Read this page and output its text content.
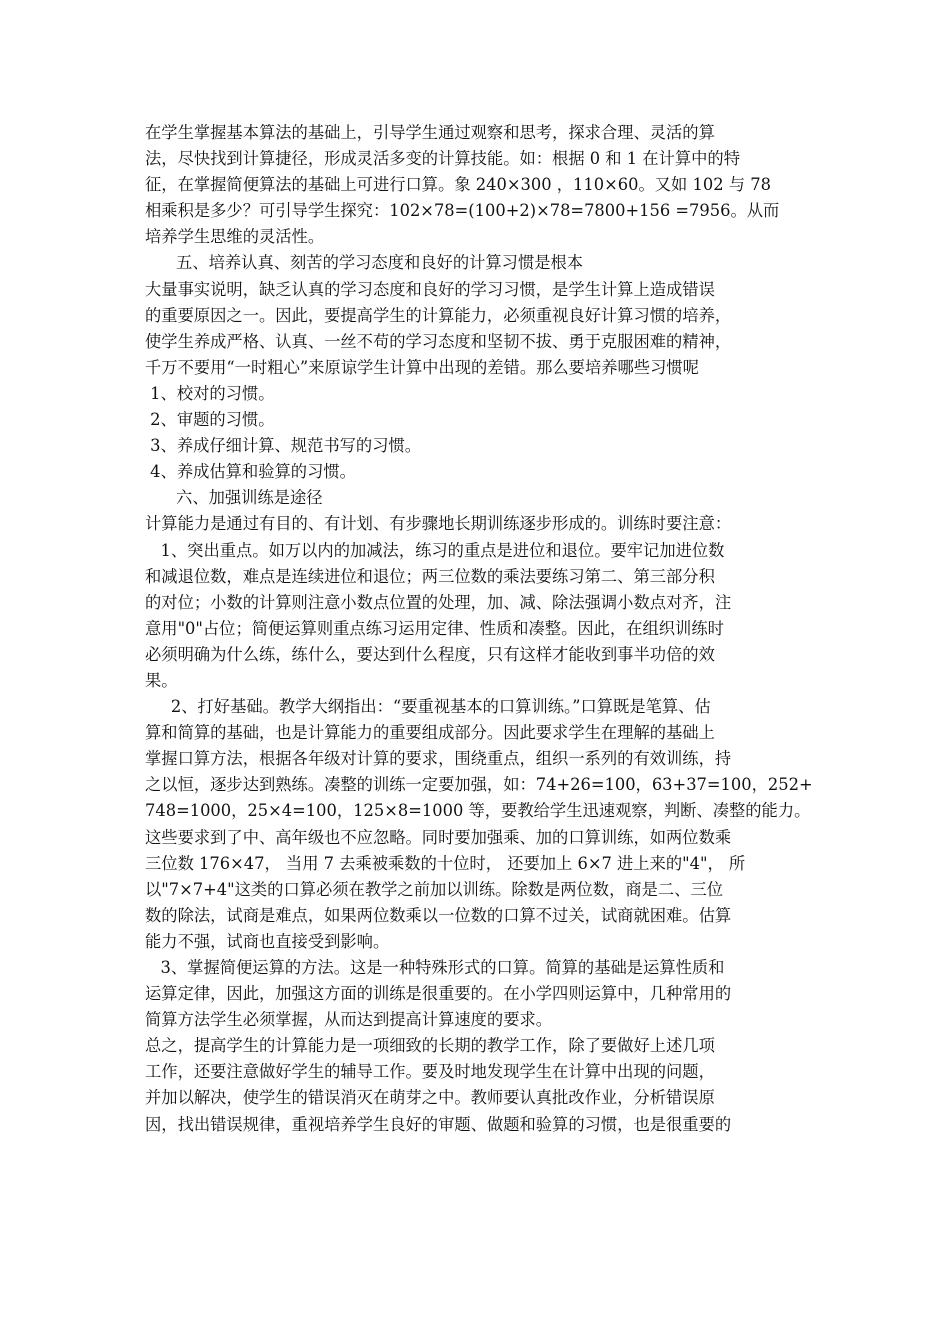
在学生掌握基本算法的基础上，引导学生通过观察和思考，探求合理、灵活的算
法，尽快找到计算捷径，形成灵活多变的计算技能。如：根据 0 和 1 在计算中的特
征，在掌握简便算法的基础上可进行口算。象 240×300 ，110×60。又如 102 与 78
相乘积是多少？可引导学生探究：102×78=(100+2)×78=7800+156 =7956。从而
培养学生思维的灵活性。
五、培养认真、刻苦的学习态度和良好的计算习惯是根本
大量事实说明，缺乏认真的学习态度和良好的学习习惯，是学生计算上造成错误
的重要原因之一。因此，要提高学生的计算能力，必须重视良好计算习惯的培养，
使学生养成严格、认真、一丝不苟的学习态度和坚韧不拔、勇于克服困难的精神，
千万不要用“一时粗心”来原谅学生计算中出现的差错。那么要培养哪些习惯呢
1、校对的习惯。
2、审题的习惯。
3、养成仔细计算、规范书写的习惯。
4、养成估算和验算的习惯。
六、加强训练是途径
计算能力是通过有目的、有计划、有步骤地长期训练逐步形成的。训练时要注意：
1、突出重点。如万以内的加减法，练习的重点是进位和退位。要牢记加进位数
和减退位数，难点是连续进位和退位；两三位数的乘法要练习第二、第三部分积
的对位；小数的计算则注意小数点位置的处理，加、减、除法强调小数点对齐，注
意用"0"占位；简便运算则重点练习运用定律、性质和凑整。因此，在组织训练时
必须明确为什么练，练什么，要达到什么程度，只有这样才能收到事半功倍的效
果。
2、打好基础。教学大纲指出：“要重视基本的口算训练。”口算既是笔算、估
算和简算的基础，也是计算能力的重要组成部分。因此要求学生在理解的基础上
掌握口算方法，根据各年级对计算的要求，围绕重点，组织一系列的有效训练，持
之以恒，逐步达到熟练。凑整的训练一定要加强，如：74+26=100，63+37=100，252+
748=1000，25×4=100，125×8=1000 等，要教给学生迅速观察，判断、凑整的能力。
这些要求到了中、高年级也不应忽略。同时要加强乘、加的口算训练，如两位数乘
三位数 176×47， 当用 7 去乘被乘数的十位时， 还要加上 6×7 进上来的"4"， 所
以"7×7+4"这类的口算必须在教学之前加以训练。除数是两位数，商是二、三位
数的除法，试商是难点，如果两位数乘以一位数的口算不过关，试商就困难。估算
能力不强，试商也直接受到影响。
3、掌握简便运算的方法。这是一种特殊形式的口算。简算的基础是运算性质和
运算定律，因此，加强这方面的训练是很重要的。在小学四则运算中，几种常用的
简算方法学生必须掌握，从而达到提高计算速度的要求。
总之，提高学生的计算能力是一项细致的长期的教学工作，除了要做好上述几项
工作，还要注意做好学生的辅导工作。要及时地发现学生在计算中出现的问题，
并加以解决，使学生的错误消灭在萌芽之中。教师要认真批改作业，分析错误原
因，找出错误规律，重视培养学生良好的审题、做题和验算的习惯，也是很重要的
